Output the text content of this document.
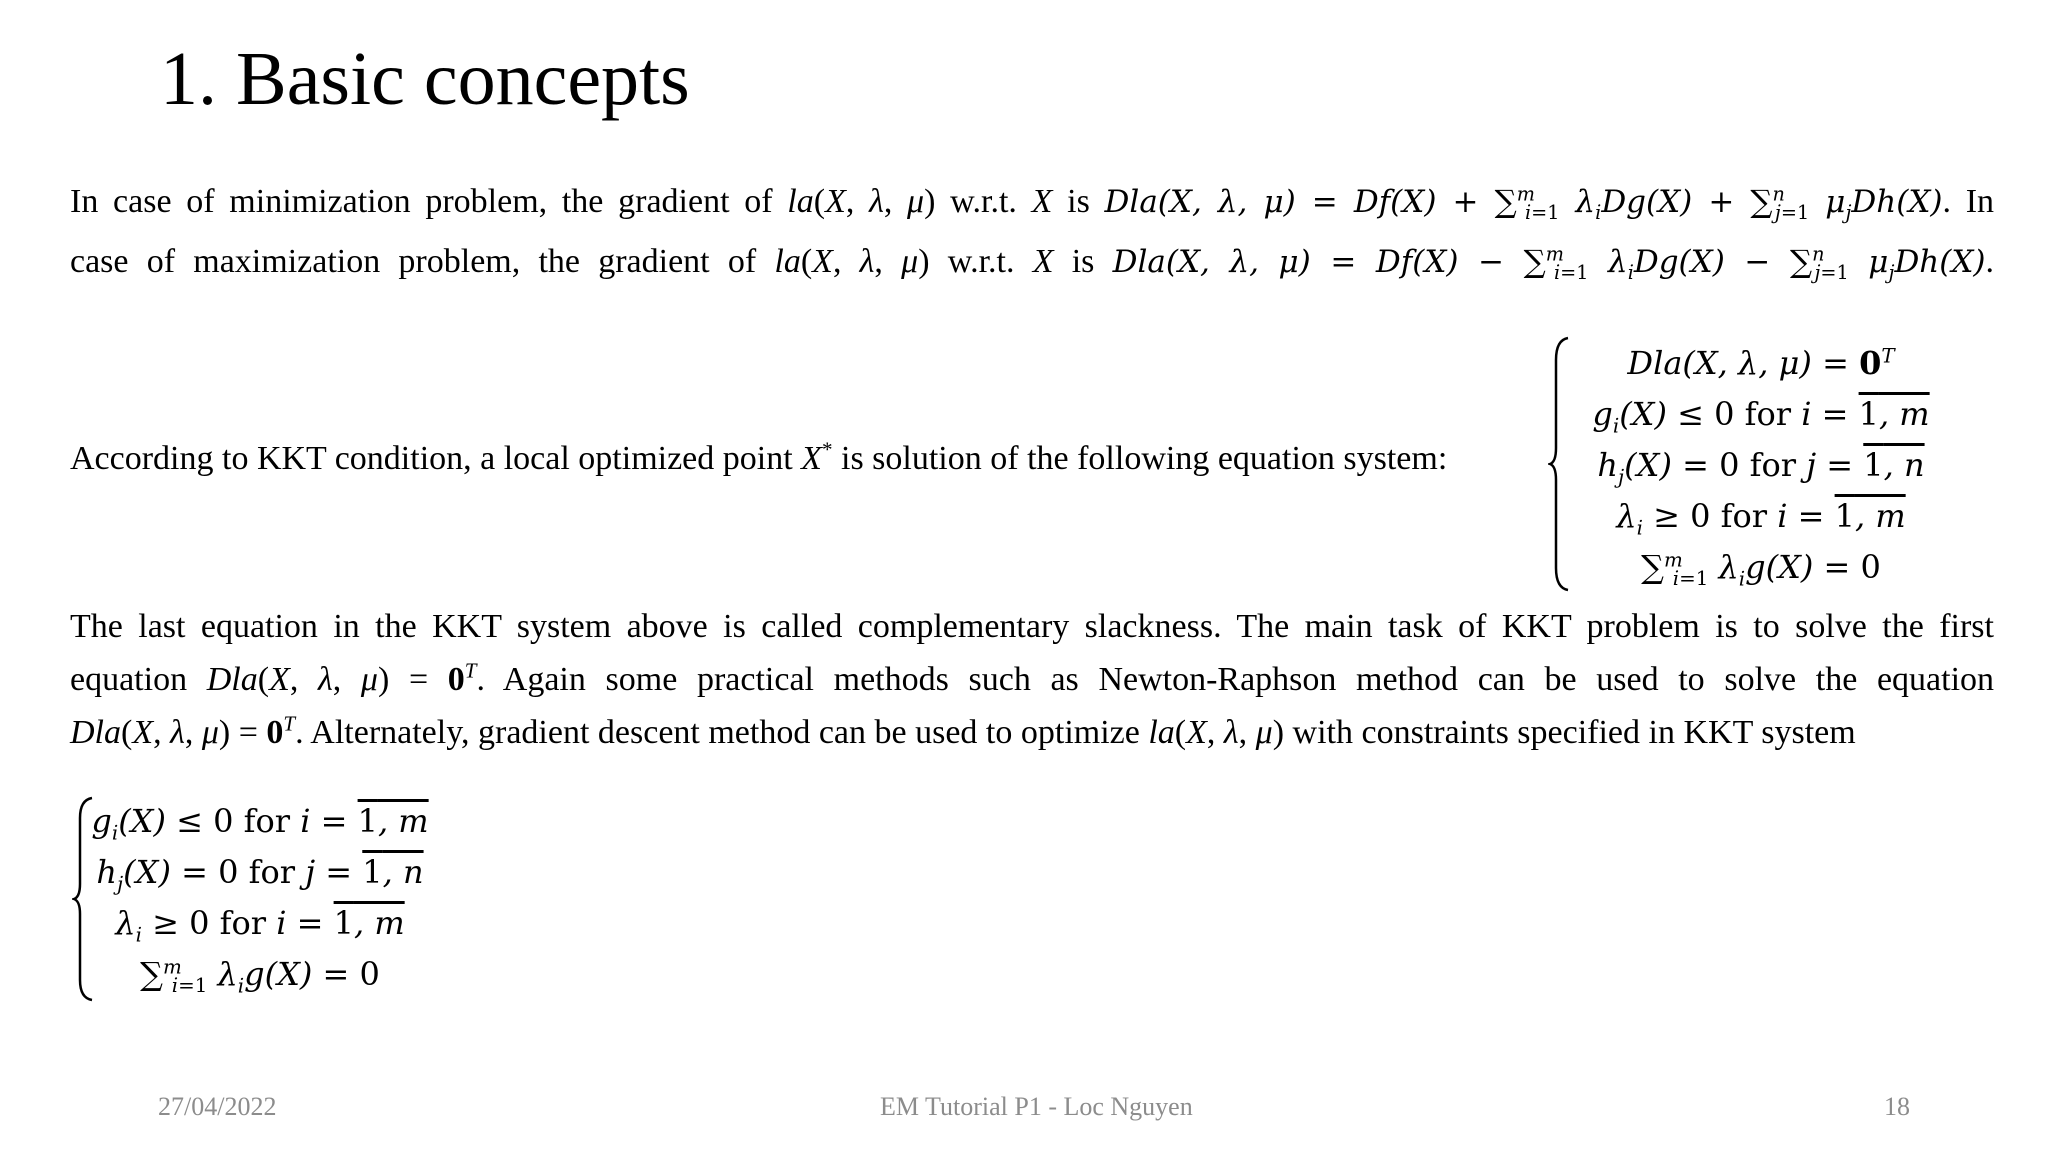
1. Basic concepts
In case of minimization problem, the gradient of la(X, λ, μ) w.r.t. X is Dla(X, λ, μ) = Df(X) + ∑$^m_{i=1}$ $\lambda_iDg(X) + \sum^n_{j=1}$ $\mu_jDh(X)$. In
case of maximization problem, the gradient of la(X, λ, μ) w.r.t. X is Dla(X, λ, μ) = Df(X) − ∑$^m_{i=1}$ $\lambda_iDg(X) - \sum^n_{j=1}$ $\mu_jDh(X)$.
According to KKT condition, a local optimized point X* is solution of the following equation system:
Dla(X, λ, $\mu) = 0^T$
$g_i(X) \le 0$ for i = 1, m
$h_j(X) = 0$ for j = 1, n
$\lambda_i \ge 0$ for i = 1, m
∑$^m_{i=1}$ $\lambda_ig(X) = 0$
The last equation in the KKT system above is called complementary slackness. The main task of KKT problem is to solve the first
equation Dla(X, λ, $\mu) = 0^T$. Again some practical methods such as Newton-Raphson method can be used to solve the equation
Dla(X, λ, $\mu) = 0^T$. Alternately, gradient descent method can be used to optimize la(X, λ, μ) with constraints specified in KKT system
$g_i(X) \le 0$ for i = 1, m
$h_j(X) = 0$ for j = 1, n
$\lambda_i \ge 0$ for i = 1, m
∑$^m_{i=1}$ $\lambda_ig(X) = 0$
27/04/2022	EM Tutorial P1 - Loc Nguyen	18
